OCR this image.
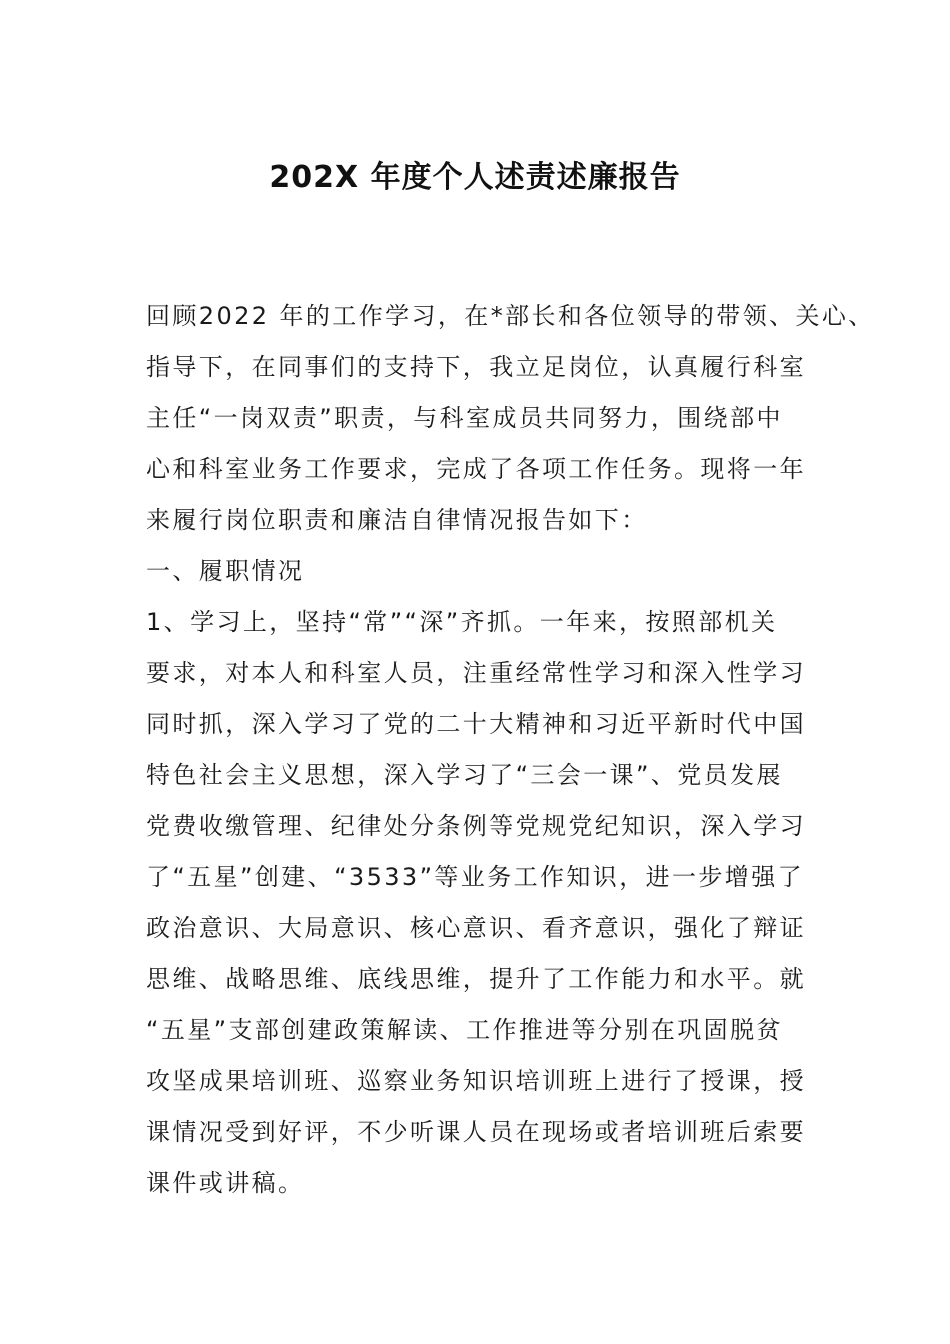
202X 年度个人述责述廉报告
回顾2022 年的工作学习，在*部长和各位领导的带领、关心、
指导下，在同事们的支持下，我立足岗位，认真履行科室
主任“一岗双责”职责，与科室成员共同努力，围绕部中
心和科室业务工作要求，完成了各项工作任务。现将一年
来履行岗位职责和廉洁自律情况报告如下：
一、履职情况
1、学习上，坚持“常”“深”齐抓。一年来，按照部机关
要求，对本人和科室人员，注重经常性学习和深入性学习
同时抓，深入学习了党的二十大精神和习近平新时代中国
特色社会主义思想，深入学习了“三会一课”、党员发展
党费收缴管理、纪律处分条例等党规党纪知识，深入学习
了“五星”创建、“3533”等业务工作知识，进一步增强了
政治意识、大局意识、核心意识、看齐意识，强化了辩证
思维、战略思维、底线思维，提升了工作能力和水平。就
“五星”支部创建政策解读、工作推进等分别在巩固脱贫
攻坚成果培训班、巡察业务知识培训班上进行了授课，授
课情况受到好评，不少听课人员在现场或者培训班后索要
课件或讲稿。
